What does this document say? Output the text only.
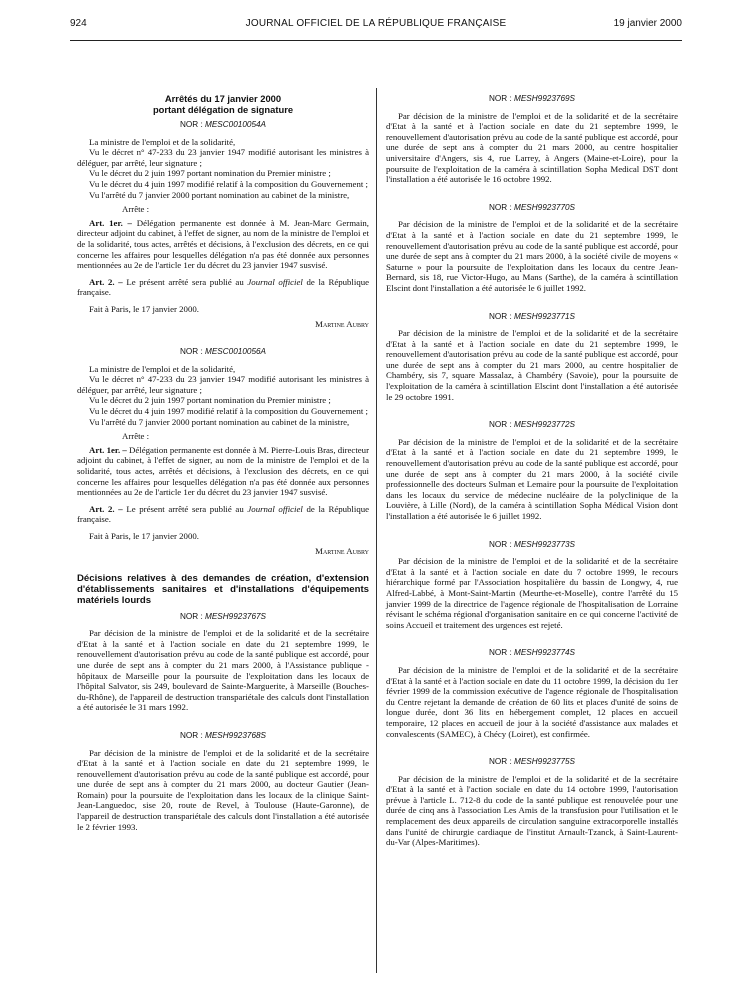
924	JOURNAL OFFICIEL DE LA RÉPUBLIQUE FRANÇAISE	19 janvier 2000
Arrêtés du 17 janvier 2000
portant délégation de signature
NOR : MESC0010054A

La ministre de l'emploi et de la solidarité,

Vu le décret n° 47-233 du 23 janvier 1947 modifié autorisant les ministres à déléguer, par arrêté, leur signature ;

Vu le décret du 2 juin 1997 portant nomination du Premier ministre ;

Vu le décret du 4 juin 1997 modifié relatif à la composition du Gouvernement ;

Vu l'arrêté du 7 janvier 2000 portant nomination au cabinet de la ministre,

Arrête :

Art. 1er. – Délégation permanente est donnée à M. Jean-Marc Germain, directeur adjoint du cabinet, à l'effet de signer, au nom de la ministre de l'emploi et de la solidarité, tous actes, arrêtés et décisions, à l'exclusion des décrets, en ce qui concerne les affaires pour lesquelles délégation n'a pas été donnée aux personnes mentionnées au 2e de l'article 1er du décret du 23 janvier 1947 susvisé.

Art. 2. – Le présent arrêté sera publié au Journal officiel de la République française.

Fait à Paris, le 17 janvier 2000.

Martine Aubry
NOR : MESC0010056A

La ministre de l'emploi et de la solidarité,

Vu le décret n° 47-233 du 23 janvier 1947 modifié autorisant les ministres à déléguer, par arrêté, leur signature ;

Vu le décret du 2 juin 1997 portant nomination du Premier ministre ;

Vu le décret du 4 juin 1997 modifié relatif à la composition du Gouvernement ;

Vu l'arrêté du 7 janvier 2000 portant nomination au cabinet de la ministre,

Arrête :

Art. 1er. – Délégation permanente est donnée à M. Pierre-Louis Bras, directeur adjoint du cabinet, à l'effet de signer, au nom de la ministre de l'emploi et de la solidarité, tous actes, arrêtés et décisions, à l'exclusion des décrets, en ce qui concerne les affaires pour lesquelles délégation n'a pas été donnée aux personnes mentionnées au 2e de l'article 1er du décret du 23 janvier 1947 susvisé.

Art. 2. – Le présent arrêté sera publié au Journal officiel de la République française.

Fait à Paris, le 17 janvier 2000.

Martine Aubry
Décisions relatives à des demandes de création, d'extension d'établissements sanitaires et d'installations d'équipements matériels lourds
NOR : MESH9923767S

Par décision de la ministre de l'emploi et de la solidarité et de la secrétaire d'Etat à la santé et à l'action sociale en date du 21 septembre 1999, le renouvellement d'autorisation prévu au code de la santé publique est accordé, pour une durée de sept ans à compter du 21 mars 2000, à l'Assistance publique - hôpitaux de Marseille pour la poursuite de l'exploitation dans les locaux de l'hôpital Salvator, sis 249, boulevard de Sainte-Marguerite, à Marseille (Bouches-du-Rhône), de l'appareil de destruction transpariétale des calculs dont l'installation a été autorisée le 31 mars 1992.

NOR : MESH9923768S

Par décision de la ministre de l'emploi et de la solidarité et de la secrétaire d'Etat à la santé et à l'action sociale en date du 21 septembre 1999, le renouvellement d'autorisation prévu au code de la santé publique est accordé, pour une durée de sept ans à compter du 21 mars 2000, au docteur Gautier (Jean-Romain) pour la poursuite de l'exploitation dans les locaux de la clinique Saint-Jean-Languedoc, sise 20, route de Revel, à Toulouse (Haute-Garonne), de l'appareil de destruction transpariétale des calculs dont l'installation a été autorisée le 2 février 1993.

NOR : MESH9923769S

Par décision de la ministre de l'emploi et de la solidarité et de la secrétaire d'Etat à la santé et à l'action sociale en date du 21 septembre 1999, le renouvellement d'autorisation prévu au code de la santé publique est accordé, pour une durée de sept ans à compter du 21 mars 2000, au centre hospitalier universitaire d'Angers, sis 4, rue Larrey, à Angers (Maine-et-Loire), pour la poursuite de l'exploitation de la caméra à scintillation Sopha Medical DST dont l'installation a été autorisée le 16 octobre 1992.

NOR : MESH9923770S

Par décision de la ministre de l'emploi et de la solidarité et de la secrétaire d'Etat à la santé et à l'action sociale en date du 21 septembre 1999, le renouvellement d'autorisation prévu au code de la santé publique est accordé, pour une durée de sept ans à compter du 21 mars 2000, à la société civile de moyens « Saturne » pour la poursuite de l'exploitation dans les locaux du centre Jean-Bernard, sis 18, rue Victor-Hugo, au Mans (Sarthe), de la caméra à scintillation Elscint dont l'installation a été autorisée le 6 juillet 1992.

NOR : MESH9923771S

Par décision de la ministre de l'emploi et de la solidarité et de la secrétaire d'Etat à la santé et à l'action sociale en date du 21 septembre 1999, le renouvellement d'autorisation prévu au code de la santé publique est accordé, pour une durée de sept ans à compter du 21 mars 2000, au centre hospitalier de Chambéry, sis 7, square Massalaz, à Chambéry (Savoie), pour la poursuite de l'exploitation de la caméra à scintillation Elscint dont l'installation a été autorisée le 29 octobre 1991.

NOR : MESH9923772S

Par décision de la ministre de l'emploi et de la solidarité et de la secrétaire d'Etat à la santé et à l'action sociale en date du 21 septembre 1999, le renouvellement d'autorisation prévu au code de la santé publique est accordé, pour une durée de sept ans à compter du 21 mars 2000, à la société civile professionnelle des docteurs Sulman et Lemaire pour la poursuite de l'exploitation dans les locaux du service de médecine nucléaire de la polyclinique de la Louvière, à Lille (Nord), de la caméra à scintillation Sopha Médical Vision dont l'installation a été autorisée le 6 juillet 1992.

NOR : MESH9923773S

Par décision de la ministre de l'emploi et de la solidarité et de la secrétaire d'Etat à la santé et à l'action sociale en date du 7 octobre 1999, le recours hiérarchique formé par l'Association hospitalière du bassin de Longwy, 4, rue Alfred-Labbé, à Mont-Saint-Martin (Meurthe-et-Moselle), contre l'arrêté du 15 janvier 1999 de la directrice de l'agence régionale de l'hospitalisation de Lorraine révisant le schéma régional d'organisation sanitaire en ce qui concerne l'activité de soins Accueil et traitement des urgences est rejeté.

NOR : MESH9923774S

Par décision de la ministre de l'emploi et de la solidarité et de la secrétaire d'Etat à la santé et à l'action sociale en date du 11 octobre 1999, la décision du 1er février 1999 de la commission exécutive de l'agence régionale de l'hospitalisation du Centre rejetant la demande de création de 60 lits et places d'unité de soins de longue durée, dont 36 lits en hébergement complet, 12 places en accueil temporaire, 12 places en accueil de jour à la société d'assistance aux malades et convalescents (SAMEC), à Chécy (Loiret), est confirmée.

NOR : MESH9923775S

Par décision de la ministre de l'emploi et de la solidarité et de la secrétaire d'Etat à la santé et à l'action sociale en date du 14 octobre 1999, l'autorisation prévue à l'article L. 712-8 du code de la santé publique est renouvelée pour une durée de cinq ans à l'association Les Amis de la transfusion pour l'utilisation et le remplacement des deux appareils de circulation sanguine extracorporelle installés dans l'unité de chirurgie cardiaque de l'institut Arnault-Tzanck, à Saint-Laurent-du-Var (Alpes-Maritimes).
